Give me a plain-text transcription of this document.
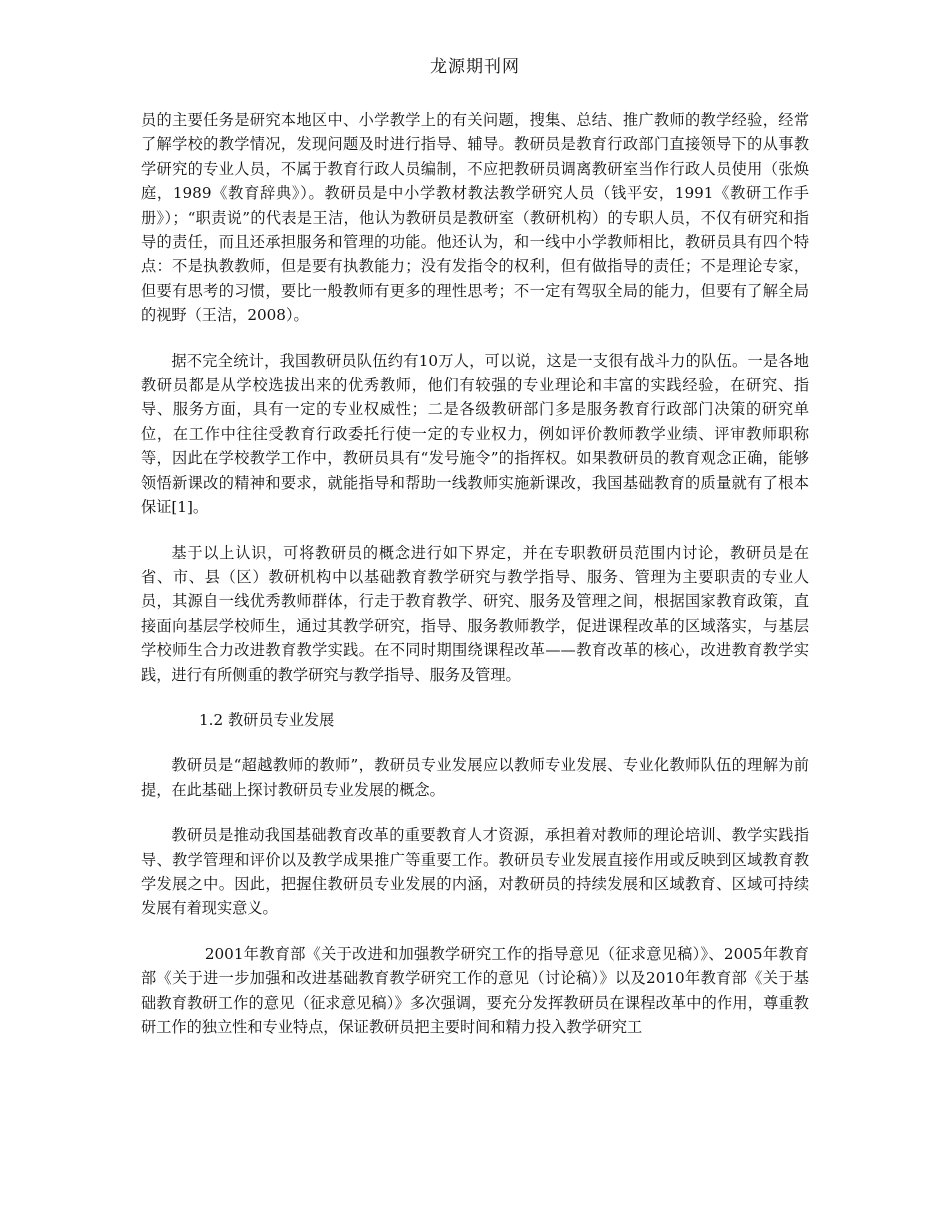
龙源期刊网

员的主要任务是研究本地区中、小学教学上的有关问题，搜集、总结、推广教师的教学经验，经常了解学校的教学情况，发现问题及时进行指导、辅导。教研员是教育行政部门直接领导下的从事教学研究的专业人员，不属于教育行政人员编制，不应把教研员调离教研室当作行政人员使用（张焕庭，1989《教育辞典》）。教研员是中小学教材教法教学研究人员（钱平安，1991《教研工作手册》）；“职责说”的代表是王洁，他认为教研员是教研室（教研机构）的专职人员，不仅有研究和指导的责任，而且还承担服务和管理的功能。他还认为，和一线中小学教师相比，教研员具有四个特点：不是执教教师，但是要有执教能力；没有发指令的权利，但有做指导的责任；不是理论专家，但要有思考的习惯，要比一般教师有更多的理性思考；不一定有驾驭全局的能力，但要有了解全局的视野（王洁，2008）。

据不完全统计，我国教研员队伍约有10万人，可以说，这是一支很有战斗力的队伍。一是各地教研员都是从学校选拔出来的优秀教师，他们有较强的专业理论和丰富的实践经验，在研究、指导、服务方面，具有一定的专业权威性；二是各级教研部门多是服务教育行政部门决策的研究单位，在工作中往往受教育行政委托行使一定的专业权力，例如评价教师教学业绩、评审教师职称等，因此在学校教学工作中，教研员具有“发号施令”的指挥权。如果教研员的教育观念正确，能够领悟新课改的精神和要求，就能指导和帮助一线教师实施新课改，我国基础教育的质量就有了根本保证[1]。

基于以上认识，可将教研员的概念进行如下界定，并在专职教研员范围内讨论，教研员是在省、市、县（区）教研机构中以基础教育教学研究与教学指导、服务、管理为主要职责的专业人员，其源自一线优秀教师群体，行走于教育教学、研究、服务及管理之间，根据国家教育政策，直接面向基层学校师生，通过其教学研究，指导、服务教师教学，促进课程改革的区域落实，与基层学校师生合力改进教育教学实践。在不同时期围绕课程改革——教育改革的核心，改进教育教学实践，进行有所侧重的教学研究与教学指导、服务及管理。

1.2 教研员专业发展

教研员是“超越教师的教师”，教研员专业发展应以教师专业发展、专业化教师队伍的理解为前提，在此基础上探讨教研员专业发展的概念。

教研员是推动我国基础教育改革的重要教育人才资源，承担着对教师的理论培训、教学实践指导、教学管理和评价以及教学成果推广等重要工作。教研员专业发展直接作用或反映到区域教育教学发展之中。因此，把握住教研员专业发展的内涵，对教研员的持续发展和区域教育、区域可持续发展有着现实意义。

2001年教育部《关于改进和加强教学研究工作的指导意见（征求意见稿）》、2005年教育部《关于进一步加强和改进基础教育教学研究工作的意见（讨论稿）》以及2010年教育部《关于基础教育教研工作的意见（征求意见稿）》多次强调，要充分发挥教研员在课程改革中的作用，尊重教研工作的独立性和专业特点，保证教研员把主要时间和精力投入教学研究工
